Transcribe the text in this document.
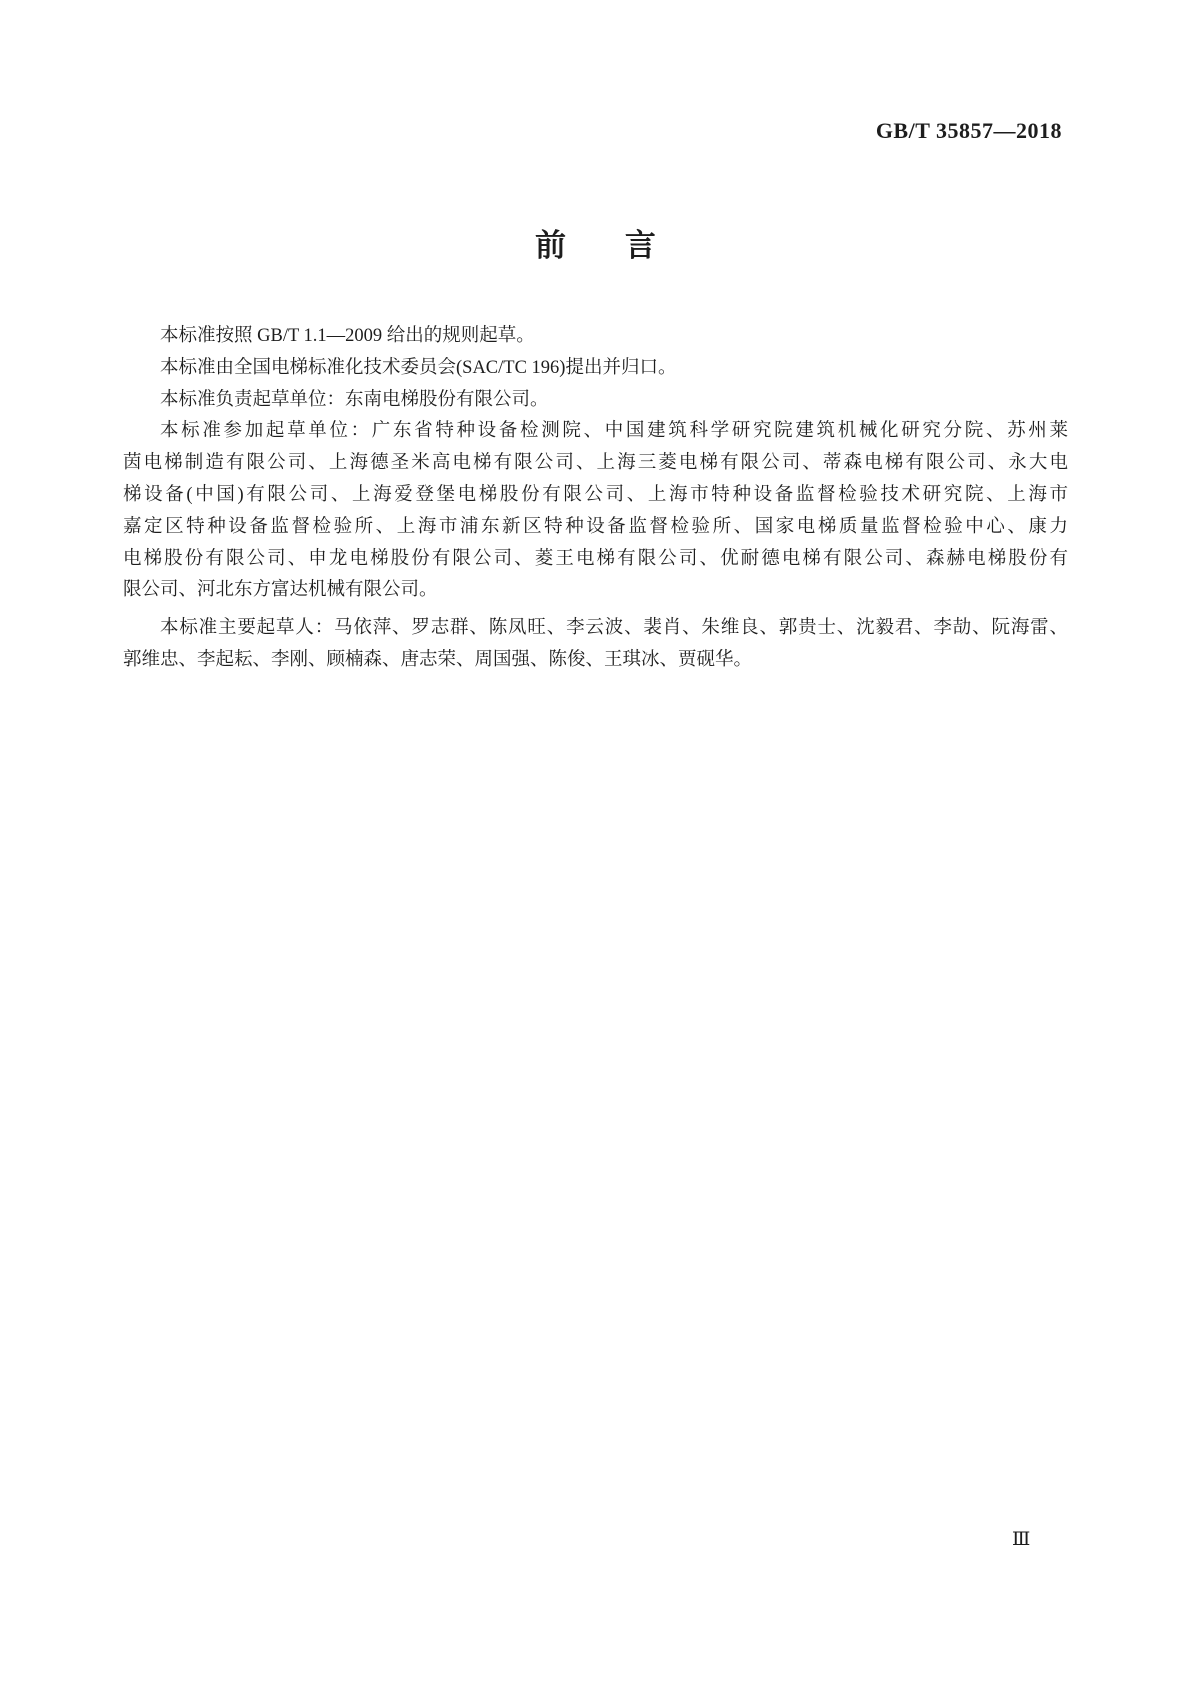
GB/T 35857—2018
前言
本标准按照 GB/T 1.1—2009 给出的规则起草。
本标准由全国电梯标准化技术委员会(SAC/TC 196)提出并归口。
本标准负责起草单位：东南电梯股份有限公司。
本标准参加起草单位：广东省特种设备检测院、中国建筑科学研究院建筑机械化研究分院、苏州莱
茵电梯制造有限公司、上海德圣米高电梯有限公司、上海三菱电梯有限公司、蒂森电梯有限公司、永大电
梯设备(中国)有限公司、上海爱登堡电梯股份有限公司、上海市特种设备监督检验技术研究院、上海市
嘉定区特种设备监督检验所、上海市浦东新区特种设备监督检验所、国家电梯质量监督检验中心、康力
电梯股份有限公司、申龙电梯股份有限公司、菱王电梯有限公司、优耐德电梯有限公司、森赫电梯股份有
限公司、河北东方富达机械有限公司。
本标准主要起草人：马依萍、罗志群、陈凤旺、李云波、裴肖、朱维良、郭贵士、沈毅君、李劼、阮海雷、
郭维忠、李起耘、李刚、顾楠森、唐志荣、周国强、陈俊、王琪冰、贾砚华。
Ⅲ
